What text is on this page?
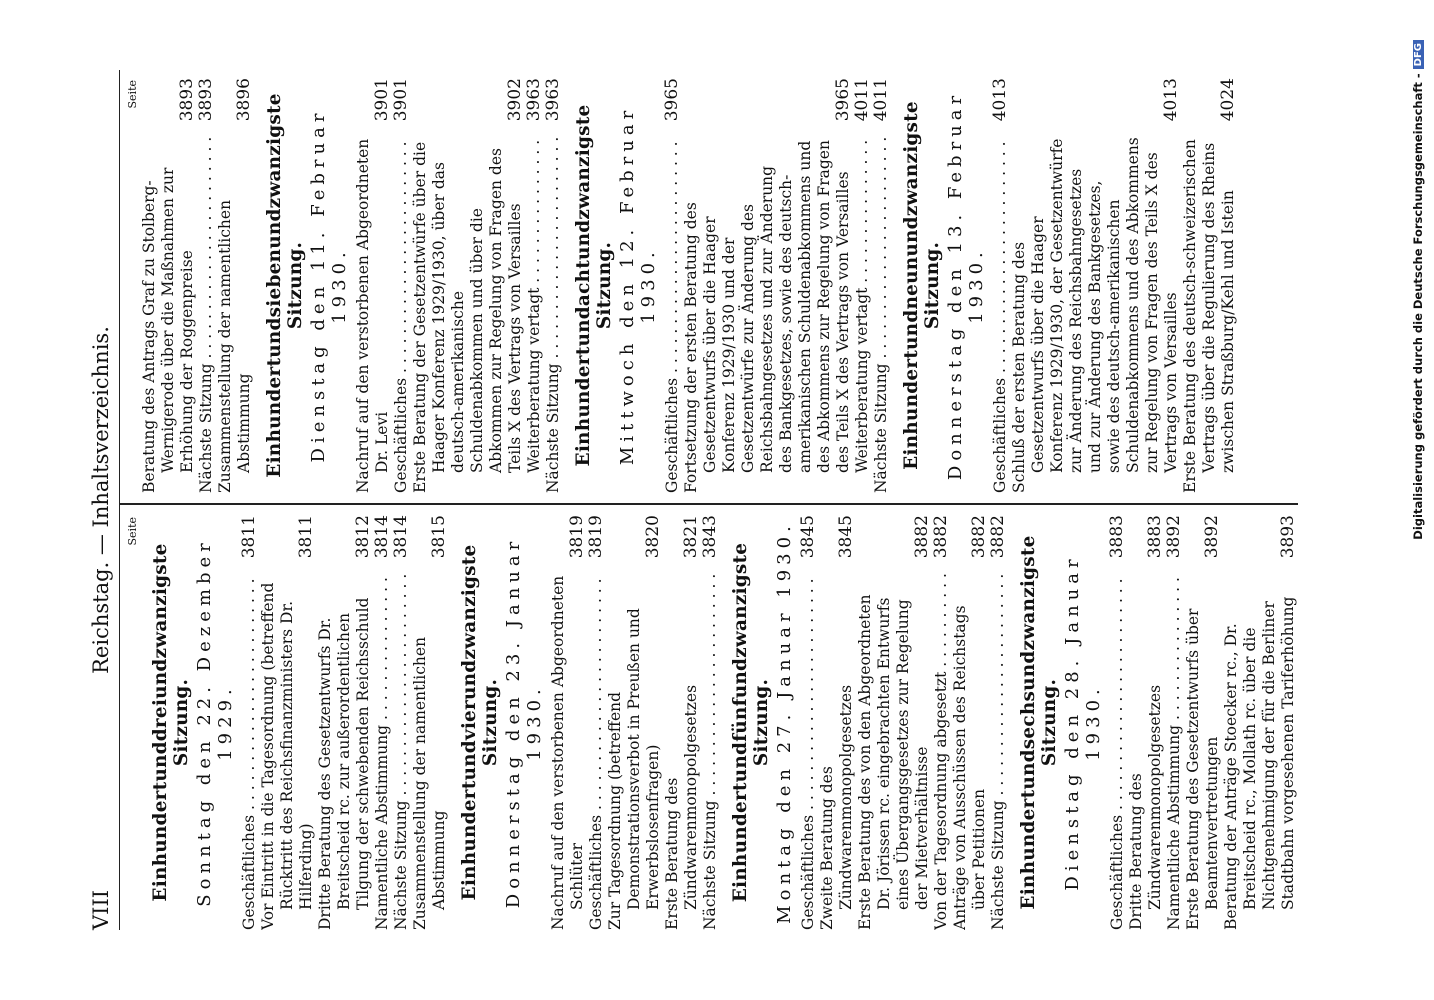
VIII
Reichstag. — Inhaltsverzeichnis. Seite
Einhundertunddreiundzwanzigste Sitzung. Sonntag den 22. Dezember 1929.
Geschäftliches . . .
3811
Vor Eintritt in die Tagesordnung (betreffend Rücktritt des Reichsfinanzministers Dr. Hilferding)
3811
Dritte Beratung des Gesetzentwurfs Dr. Breitscheid rc. zur außerordentlichen Tilgung der schwebenden Reichsschuld
3812
Namentliche Abstimmung . . .
3814
Nächste Sitzung . . .
3814
Zusammenstellung der namentlichen Abstimmung
3815
Einhundertundvierundzwanzigste Sitzung. Donnerstag den 23. Januar 1930. Nachruf auf den verstorbenen Abgeordneten Schlüter
3819
Geschäftliches . . .
3819
Zur Tagesordnung (betreffend Demonstrationsverbot in Preußen und Erwerbslosenfragen)
3820
Erste Beratung des Zündwarenmonopolgesetzes
3821
Nächste Sitzung . . .
3843
Einhundertundfünfundzwanzigste Sitzung. Montag den 27. Januar 1930. Geschäftliches . . .
3845
Zweite Beratung des Zündwarenmonopolgesetzes
3845
Erste Beratung des von den Abgeordneten Dr. Jörissen rc. eingebrachten Entwurfs eines Übergangsgesetzes zur Regelung der Mietverhältnisse
3882
Von der Tagesordnung abgesetzt . . .
3882
Anträge von Ausschüssen des Reichstags über Petitionen
3882
Nächste Sitzung . . .
3882 Einhundertundsechsundzwanzigste Sitzung. Dienstag den 28. Januar 1930.
Geschäftliches . . .
3883
Dritte Beratung des Zündwarenmonopolgesetzes
3883
Namentliche Abstimmung . . .
3892
Erste Beratung des Gesetzentwurfs über Beamtenvertretungen
3892
Beratung der Anträge Stoecker rc., Dr. Breitscheid rc., Mollath rc. über die Nichtgenehmigung der für die Berliner Stadtbahn vorgesehenen Tariferhöhung
3893
Seite
Beratung des Antrags Graf zu Stolberg-Wernigerode über die Maßnahmen zur Erhöhung der Roggenpreise
3893
Nächste Sitzung . . .
3893
Zusammenstellung der namentlichen Abstimmung
3896 Einhundertundsiebenundzwanzigste Sitzung. Dienstag den 11. Februar 1930. Nachruf auf den verstorbenen Abgeordneten Dr. Levi
3901
Geschäftliches . . .
3901
Erste Beratung der Gesetzentwürfe über die Haager Konferenz 1929/1930, über das deutsch-amerikanische Schuldenabkommen und über die Abkommen zur Regelung von Fragen des Teils X des Vertrags von Versailles
3902
Weiterberatung vertagt . . .
3963
Nächste Sitzung . . .
3963
Einhundertundachtundzwanzigste Sitzung. Mittwoch den 12. Februar 1930.
Geschäftliches . . .
3965
Fortsetzung der ersten Beratung des Gesetzentwurfs über die Haager Konferenz 1929/1930 und der Gesetzentwürfe zur Änderung des Reichsbahngesetzes und zur Änderung des Bankgesetzes, sowie des deutsch-amerikanischen Schuldenabkommens und des Abkommens zur Regelung von Fragen des Teils X des Vertrags von Versailles
3965
Weiterberatung vertagt . . .
4011
Nächste Sitzung . . .
4011
Einhundertundneunundzwanzigste Sitzung. Donnerstag den 13. Februar 1930.
Geschäftliches . . .
4013
Schluß der ersten Beratung des Gesetzentwurfs über die Haager Konferenz 1929/1930, der Gesetzentwürfe zur Änderung des Reichsbahngesetzes und zur Änderung des Bankgesetzes, sowie des deutsch-amerikanischen Schuldenabkommens und des Abkommens zur Regelung von Fragen des Teils X des Vertrags von Versailles
4013
Erste Beratung des deutsch-schweizerischen Vertrags über die Regulierung des Rheins zwischen Straßburg/Kehl und Istein
4024	Digitalisierung gefördert durch die Deutsche Forschungsgemeinschaft -
DFG
